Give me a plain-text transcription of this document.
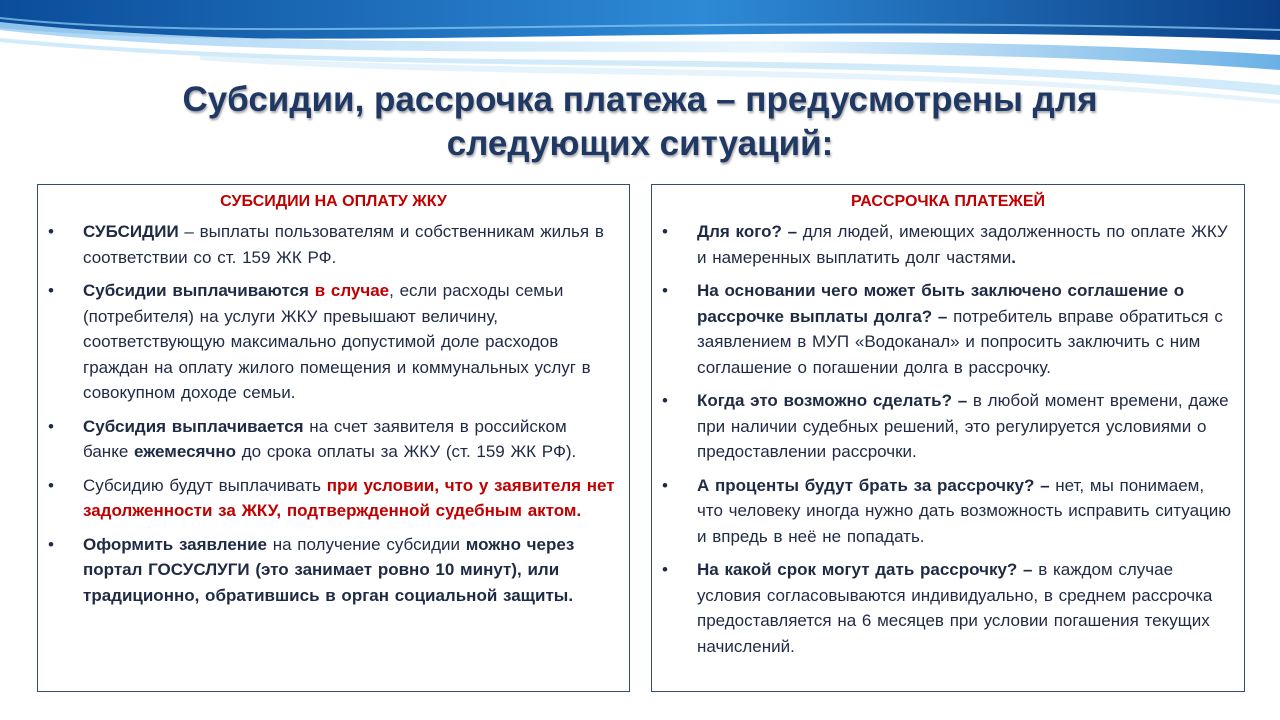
Субсидии, рассрочка платежа – предусмотрены для
следующих ситуаций:
СУБСИДИИ НА ОПЛАТУ ЖКУ
• СУБСИДИИ – выплаты пользователям и собственникам жилья в соответствии со ст. 159 ЖК РФ.
• Субсидии выплачиваются в случае, если расходы семьи (потребителя) на услуги ЖКУ превышают величину, соответствующую максимально допустимой доле расходов граждан на оплату жилого помещения и коммунальных услуг в совокупном доходе семьи.
• Субсидия выплачивается на счет заявителя в российском банке ежемесячно до срока оплаты за ЖКУ (ст. 159 ЖК РФ).
• Субсидию будут выплачивать при условии, что у заявителя нет задолженности за ЖКУ, подтвержденной судебным актом.
• Оформить заявление на получение субсидии можно через портал ГОСУСЛУГИ (это занимает ровно 10 минут), или традиционно, обратившись в орган социальной защиты.
РАССРОЧКА ПЛАТЕЖЕЙ
• Для кого? – для людей, имеющих задолженность по оплате ЖКУ и намеренных выплатить долг частями.
• На основании чего может быть заключено соглашение о рассрочке выплаты долга? – потребитель вправе обратиться с заявлением в МУП «Водоканал» и попросить заключить с ним соглашение о погашении долга в рассрочку.
• Когда это возможно сделать? – в любой момент времени, даже при наличии судебных решений, это регулируется условиями о предоставлении рассрочки.
• А проценты будут брать за рассрочку? – нет, мы понимаем, что человеку иногда нужно дать возможность исправить ситуацию и впредь в неё не попадать.
• На какой срок могут дать рассрочку? – в каждом случае условия согласовываются индивидуально, в среднем рассрочка предоставляется на 6 месяцев при условии погашения текущих начислений.
